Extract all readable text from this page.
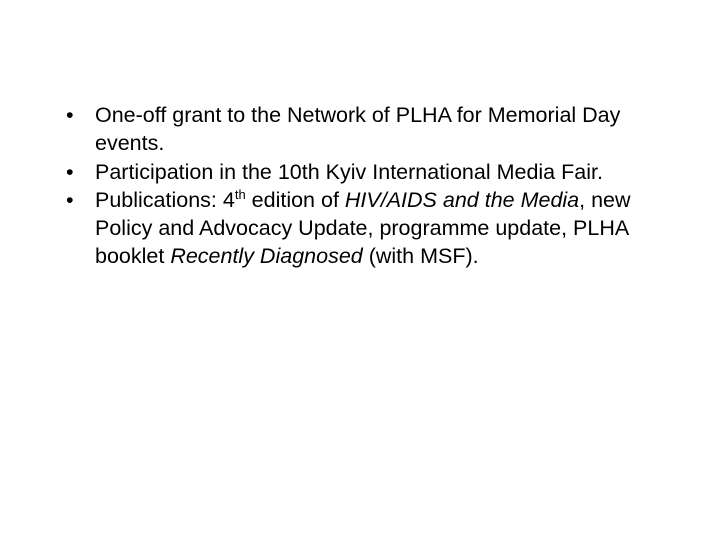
• One-off grant to the Network of PLHA for Memorial Day events.
• Participation in the 10th Kyiv International Media Fair.
• Publications: 4th edition of HIV/AIDS and the Media, new Policy and Advocacy Update, programme update, PLHA booklet Recently Diagnosed (with MSF).
